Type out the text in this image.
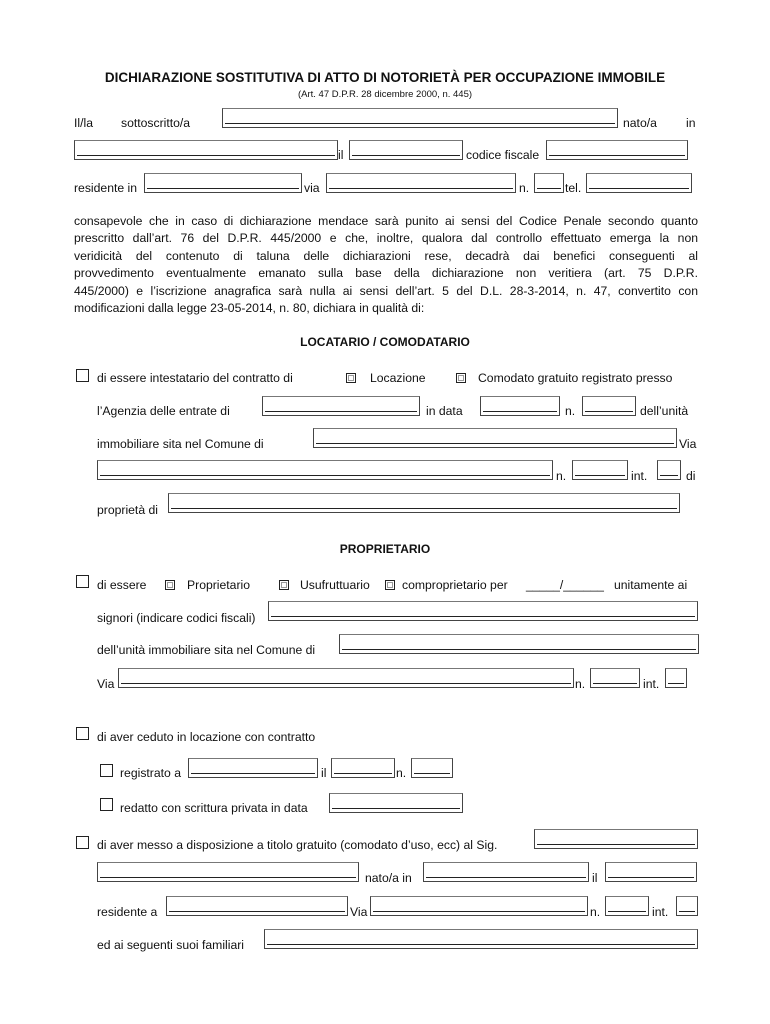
DICHIARAZIONE SOSTITUTIVA DI ATTO DI NOTORIETÀ PER OCCUPAZIONE IMMOBILE
(Art. 47 D.P.R. 28 dicembre 2000, n. 445)
Il/la sottoscritto/a	nato/a in
il	codice fiscale
residente in	via	n.	tel.
consapevole che in caso di dichiarazione mendace sarà punito ai sensi del Codice Penale secondo quanto
prescritto dall’art. 76 del D.P.R. 445/2000 e che, inoltre, qualora dal controllo effettuato emerga la non
veridicità del contenuto di taluna delle dichiarazioni rese, decadrà dai benefici conseguenti al
provvedimento eventualmente emanato sulla base della dichiarazione non veritiera (art. 75 D.P.R.
445/2000) e l’iscrizione anagrafica sarà nulla ai sensi dell’art. 5 del D.L. 28-3-2014, n. 47, convertito con
modificazioni dalla legge 23-05-2014, n. 80, dichiara in qualità di:
LOCATARIO / COMODATARIO
di essere intestatario del contratto di	Locazione	Comodato gratuito registrato presso
l’Agenzia delle entrate di	in data	n.	dell’unità
immobiliare sita nel Comune di	Via
n.	int.	di
proprietà di
PROPRIETARIO
di essere	Proprietario	Usufruttuario	comproprietario per _____/______ unitamente ai
signori (indicare codici fiscali)
dell’unità immobiliare sita nel Comune di
Via	n.	int.
di aver ceduto in locazione con contratto
registrato a	il	n.
redatto con scrittura privata in data
di aver messo a disposizione a titolo gratuito (comodato d’uso, ecc) al Sig.
nato/a in	il
residente a	Via	n.	int.
ed ai seguenti suoi familiari
